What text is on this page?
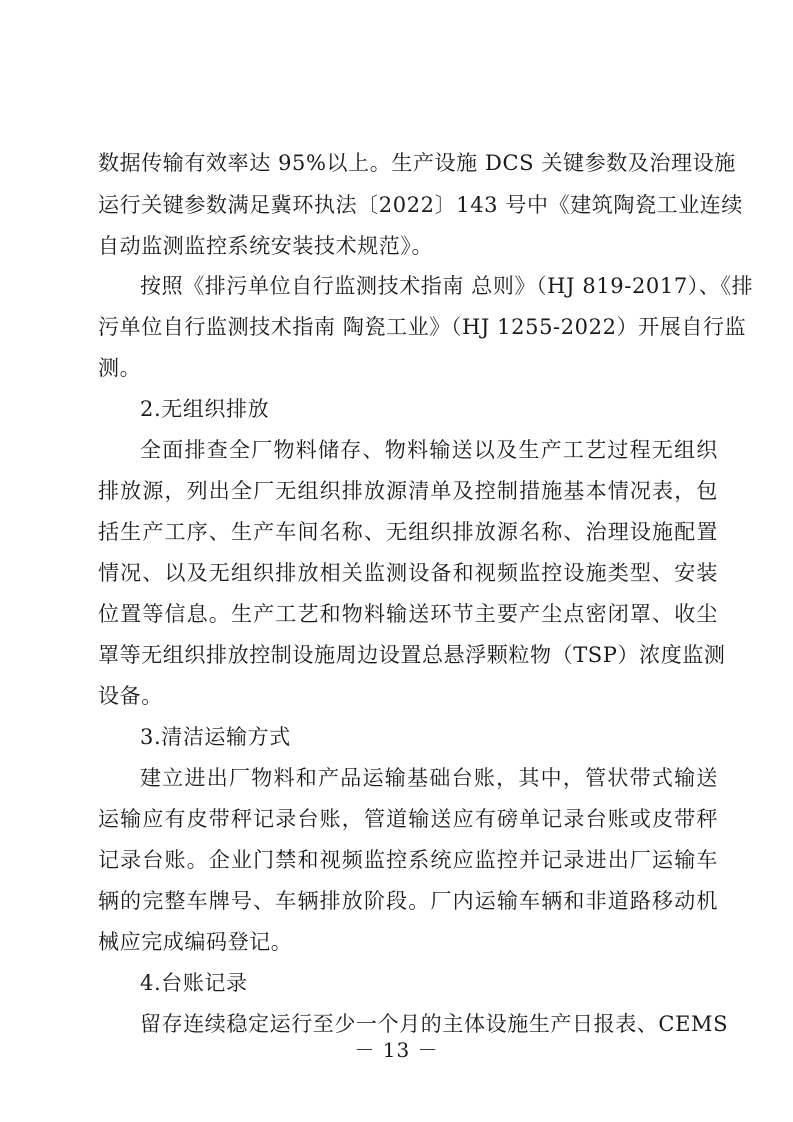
数据传输有效率达 95%以上。生产设施 DCS 关键参数及治理设施
运行关键参数满足冀环执法〔2022〕143 号中《建筑陶瓷工业连续
自动监测监控系统安装技术规范》。
按照《排污单位自行监测技术指南 总则》（HJ 819-2017）、《排
污单位自行监测技术指南 陶瓷工业》（HJ 1255-2022）开展自行监
测。
2.无组织排放
全面排查全厂物料储存、物料输送以及生产工艺过程无组织
排放源，列出全厂无组织排放源清单及控制措施基本情况表，包
括生产工序、生产车间名称、无组织排放源名称、治理设施配置
情况、以及无组织排放相关监测设备和视频监控设施类型、安装
位置等信息。生产工艺和物料输送环节主要产尘点密闭罩、收尘
罩等无组织排放控制设施周边设置总悬浮颗粒物（TSP）浓度监测
设备。
3.清洁运输方式
建立进出厂物料和产品运输基础台账，其中，管状带式输送
运输应有皮带秤记录台账，管道输送应有磅单记录台账或皮带秤
记录台账。企业门禁和视频监控系统应监控并记录进出厂运输车
辆的完整车牌号、车辆排放阶段。厂内运输车辆和非道路移动机
械应完成编码登记。
4.台账记录
留存连续稳定运行至少一个月的主体设施生产日报表、CEMS
－ 13 －
